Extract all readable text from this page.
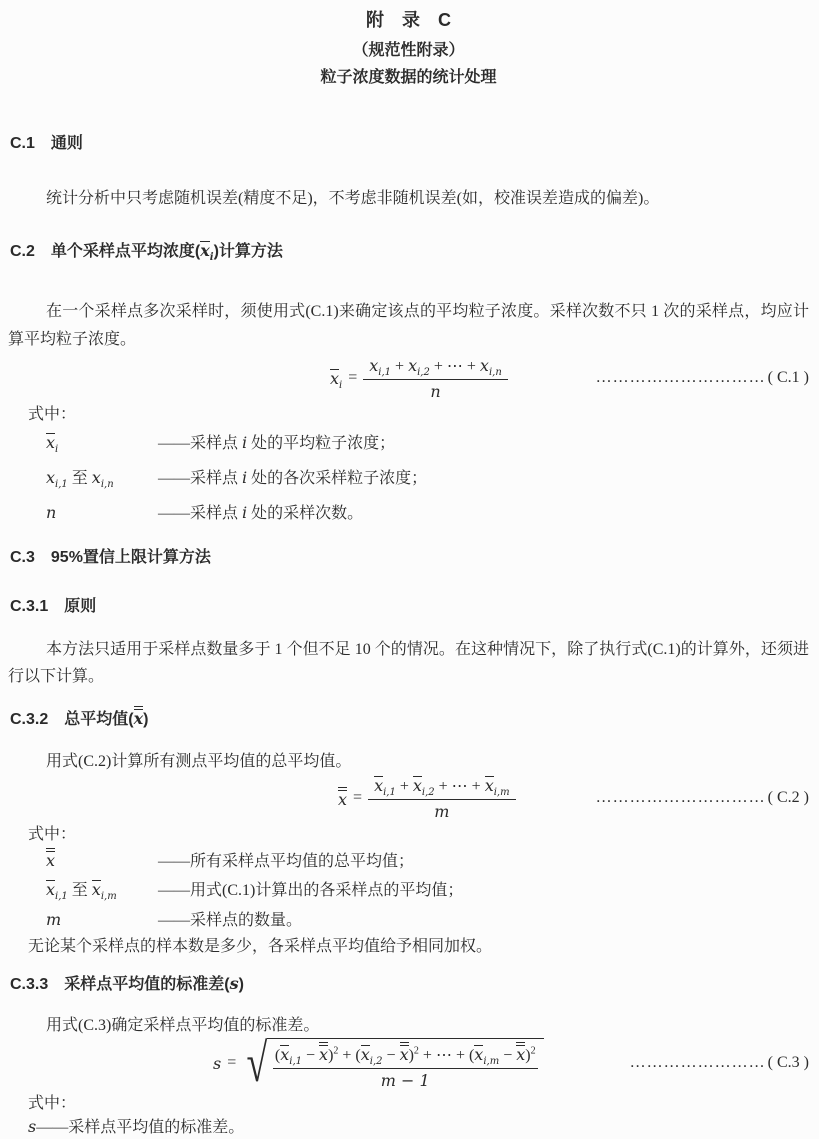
附　录　C
（规范性附录）
粒子浓度数据的统计处理
C.1　通则

统计分析中只考虑随机误差(精度不足)，不考虑非随机误差(如，校准误差造成的偏差)。

C.2　单个采样点平均浓度$(x_i)$计算方法

在一个采样点多次采样时，须使用式(C.1)来确定该点的平均粒子浓度。采样次数不只 1 次的采样点，均应计算平均粒子浓度。

$x_i = \frac{x_{i,1} + x_{i,2} + \cdots + x_{i,n}}{n}$	………………………… ( C.1 )

式中：

$x_i$	——采样点 i 处的平均粒子浓度；
$x_{i,1}$ 至 $x_{i,n}$	——采样点 i 处的各次采样粒子浓度；
n	——采样点 i 处的采样次数。
C.3　95%置信上限计算方法
C.3.1　原则

本方法只适用于采样点数量多于 1 个但不足 10 个的情况。在这种情况下，除了执行式(C.1)的计算外，还须进行以下计算。

C.3.2　总平均值(x)

用式(C.2)计算所有测点平均值的总平均值。

$x = \frac{x_{i,1} + x_{i,2} + \cdots + x_{i,m}}{m}$	………………………… ( C.2 )

式中：

x	——所有采样点平均值的总平均值；
$x_{i,1}$ 至 $x_{i,m}$	——用式(C.1)计算出的各采样点的平均值；
m	——采样点的数量。

无论某个采样点的样本数是多少，各采样点平均值给予相同加权。

C.3.3　采样点平均值的标准差(s)

用式(C.3)确定采样点平均值的标准差。

s = √ $\frac{(x_{i,1} - x)^2 + (x_{i,2} - x)^2 + \cdots + (x_{i,m} - x)^2}{m - 1}$	…………………… ( C.3 )

式中：

s——采样点平均值的标准差。
